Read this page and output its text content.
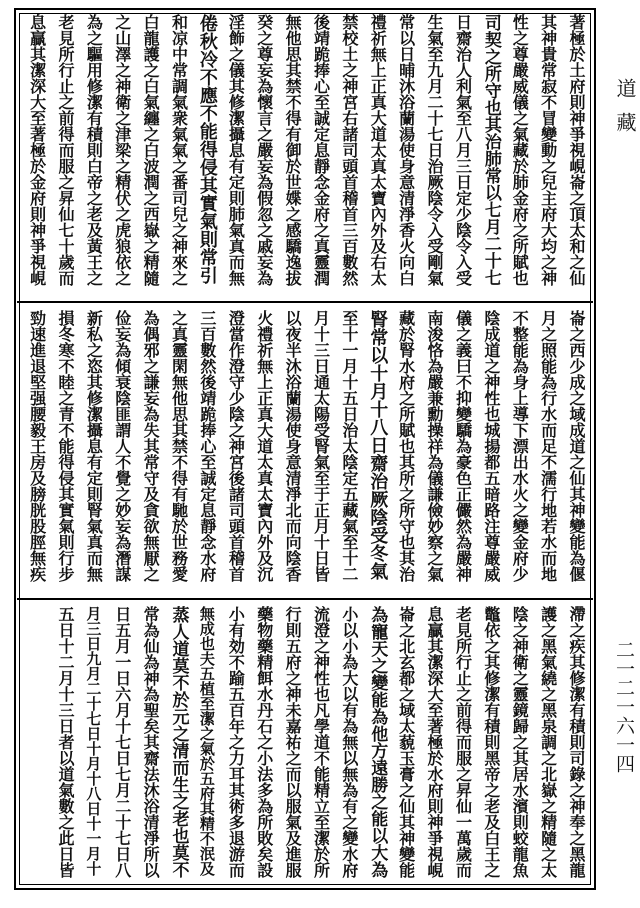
道藏
二一二一六一四
著極於土府則神爭視峴崙之頂太和之仙
其神貴常寂不冒變動之兒主府大均之神
性之尊嚴威儀之氣藏於肺金府之所賦也
司契之所守也其治肺常以七月二十七
日齋治人利氣至八月三日定少陰令入受
生氣至九月二十七日治厥陰令入受剛氣
常以日晡沐浴蘭湯使身意清淨香火向白
禮祈無上正真大道太真太寶內外及右太
禁校土之神宮右諸司頭首稽首三百數然
後靖跪捧心至誠定息靜念金府之真靈潤
無他思其禁不得有御於世媟之感驕逸拔
癸之尊妄為懷言之嚴妄為假忽之戚妄為
淫飾之儀其修潔攝息有定則肺氣真而無
倦秋冷不應不能得侵其實氣則常引
和凉中常調氣衆氣氣之番司兒之神來之
白龍護之白氣纏之白波潤之西嶽之精隨
之山澤之神衛之津梁之精伏之虎狼依之
為之驅用修潔有積則白帝之老及黃王之
老見所行止之前得而服之昇仙七十歲而
息贏其潔深大至著極於金府則神爭視峴
崙之西少成之域成道之仙其神變能為偃
月之照能為行水而足不濡行地若水而地
不整能為身上導下漂出水火之變金府少
陰成道之神性也城揚都五暗路注尊嚴威
儀之義曰不抑變驕為豪色正儼然為嚴神
南浚恪為嚴兼勳操祥為儀謙儉妙察之氣
藏於腎水府之所賦也其所之所守也其治
腎常以十月十八日齋治厥陰受冬氣
至十一月十五日治太陰定五藏氣至十二
月十三日通太陽受腎氣至于正月十日皆
以夜半沐浴蘭湯使身意清淨北而向陰香
火禮祈無上正真大道太真太寶內外及沉
澄當作澄守少陰之神宮後諸司頭首稽首
三百數然後靖跪捧心至誠定息靜念水府
之真靈閑無他思其禁不得有馳於世務愛
為偶邪之謙妄為失其常守及貪欲無厭之
俭妄為傾衰陰匪謂人不覺之妙妄為潛謀
新私之恣其修潔攝息有定則腎氣真而無
損冬寒不睦之青不能得侵其實氣則行步
勁速進退堅强腰毅王房及膀胱股脛無疾
滯之疾其修潔有積則司錄之神奉之黑龍
護之黑氣繞之黑泉調之北嶽之精隨之太
陰之神衛之靈鏡歸之其居水濱則蛟龍魚
鼈依之其修潔有積則黑帝之老及白王之
老見所行止之前得而服之昇仙一萬歲而
息贏其潔深大至著極於水府則神爭視峴
崙之北玄都之域太藐玉膏之仙其神變能
為寵天之變能為他方遠勝之能以大為
小以小為大以有為無以無為有之變水府
流澄之神性也凡學道不能精立至潔於所
行則五府之神未嘉祐之而以服氣及進服
藥物藥精餌水丹石之小法多為所敗矣設
小有効不踰五百年之力耳其術多退游而
無成也夫五植至潔之氣於五府其精不泯及
蒸人道莫不於元之清而生之老也莫不
常為仙為神為聖矣其齋法沐浴清淨所以
日五月一日六月十七日七月二十七日八
月三日九月二十七日十月十八日十一月十
五日十二月十三日者以道氣數之此日皆
